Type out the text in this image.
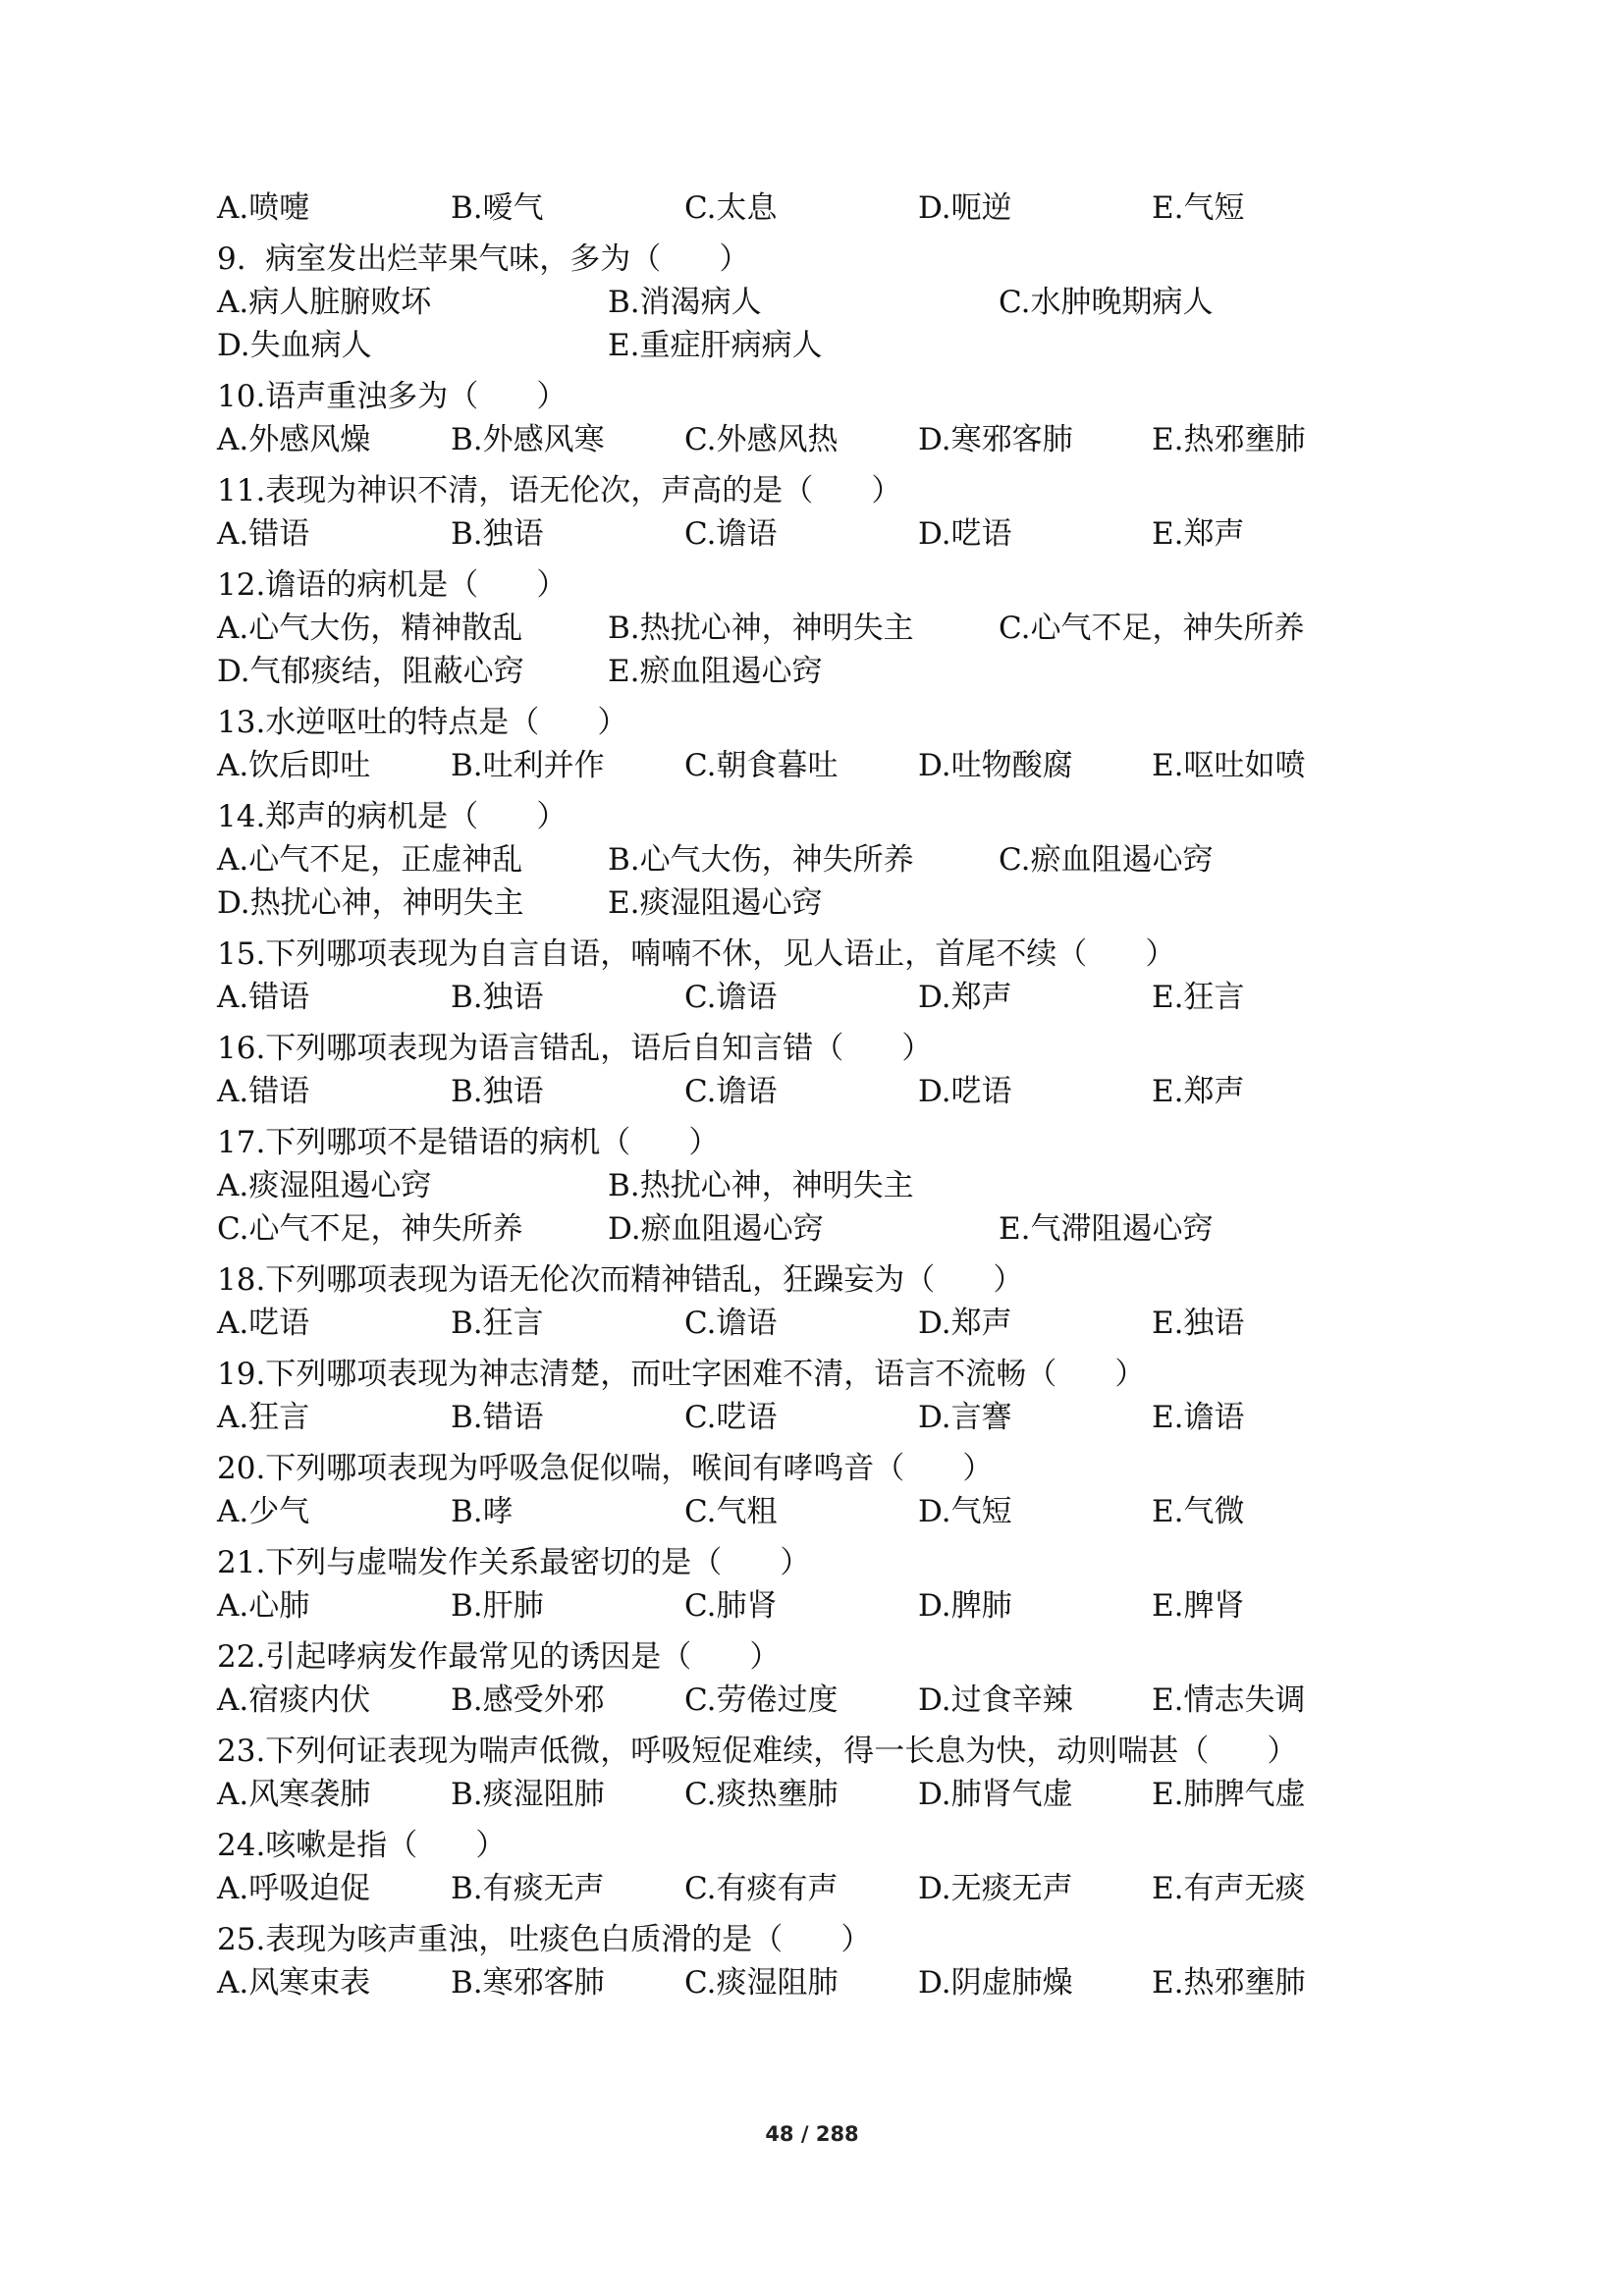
A.喷嚏	B.嗳气	C.太息	D.呃逆	E.气短
9.  病室发出烂苹果气味，多为（      ）
A.病人脏腑败坏	B.消渴病人	C.水肿晚期病人
D.失血病人	E.重症肝病病人
10.语声重浊多为（      ）
A.外感风燥	B.外感风寒	C.外感风热	D.寒邪客肺	E.热邪壅肺
11.表现为神识不清，语无伦次，声高的是（      ）
A.错语	B.独语	C.谵语	D.呓语	E.郑声
12.谵语的病机是（      ）
A.心气大伤，精神散乱	B.热扰心神，神明失主	C.心气不足，神失所养
D.气郁痰结，阻蔽心窍	E.瘀血阻遏心窍
13.水逆呕吐的特点是（      ）
A.饮后即吐	B.吐利并作	C.朝食暮吐	D.吐物酸腐	E.呕吐如喷
14.郑声的病机是（      ）
A.心气不足，正虚神乱	B.心气大伤，神失所养	C.瘀血阻遏心窍
D.热扰心神，神明失主	E.痰湿阻遏心窍
15.下列哪项表现为自言自语，喃喃不休，见人语止，首尾不续（      ）
A.错语	B.独语	C.谵语	D.郑声	E.狂言
16.下列哪项表现为语言错乱，语后自知言错（      ）
A.错语	B.独语	C.谵语	D.呓语	E.郑声
17.下列哪项不是错语的病机（      ）
A.痰湿阻遏心窍	B.热扰心神，神明失主
C.心气不足，神失所养	D.瘀血阻遏心窍	E.气滞阻遏心窍
18.下列哪项表现为语无伦次而精神错乱，狂躁妄为（      ）
A.呓语	B.狂言	C.谵语	D.郑声	E.独语
19.下列哪项表现为神志清楚，而吐字困难不清，语言不流畅（      ）
A.狂言	B.错语	C.呓语	D.言謇	E.谵语
20.下列哪项表现为呼吸急促似喘，喉间有哮鸣音（      ）
A.少气	B.哮	C.气粗	D.气短	E.气微
21.下列与虚喘发作关系最密切的是（      ）
A.心肺	B.肝肺	C.肺肾	D.脾肺	E.脾肾
22.引起哮病发作最常见的诱因是（      ）
A.宿痰内伏	B.感受外邪	C.劳倦过度	D.过食辛辣	E.情志失调
23.下列何证表现为喘声低微，呼吸短促难续，得一长息为快，动则喘甚（      ）
A.风寒袭肺	B.痰湿阻肺	C.痰热壅肺	D.肺肾气虚	E.肺脾气虚
24.咳嗽是指（      ）
A.呼吸迫促	B.有痰无声	C.有痰有声	D.无痰无声	E.有声无痰
25.表现为咳声重浊，吐痰色白质滑的是（      ）
A.风寒束表	B.寒邪客肺	C.痰湿阻肺	D.阴虚肺燥	E.热邪壅肺
48 / 288
